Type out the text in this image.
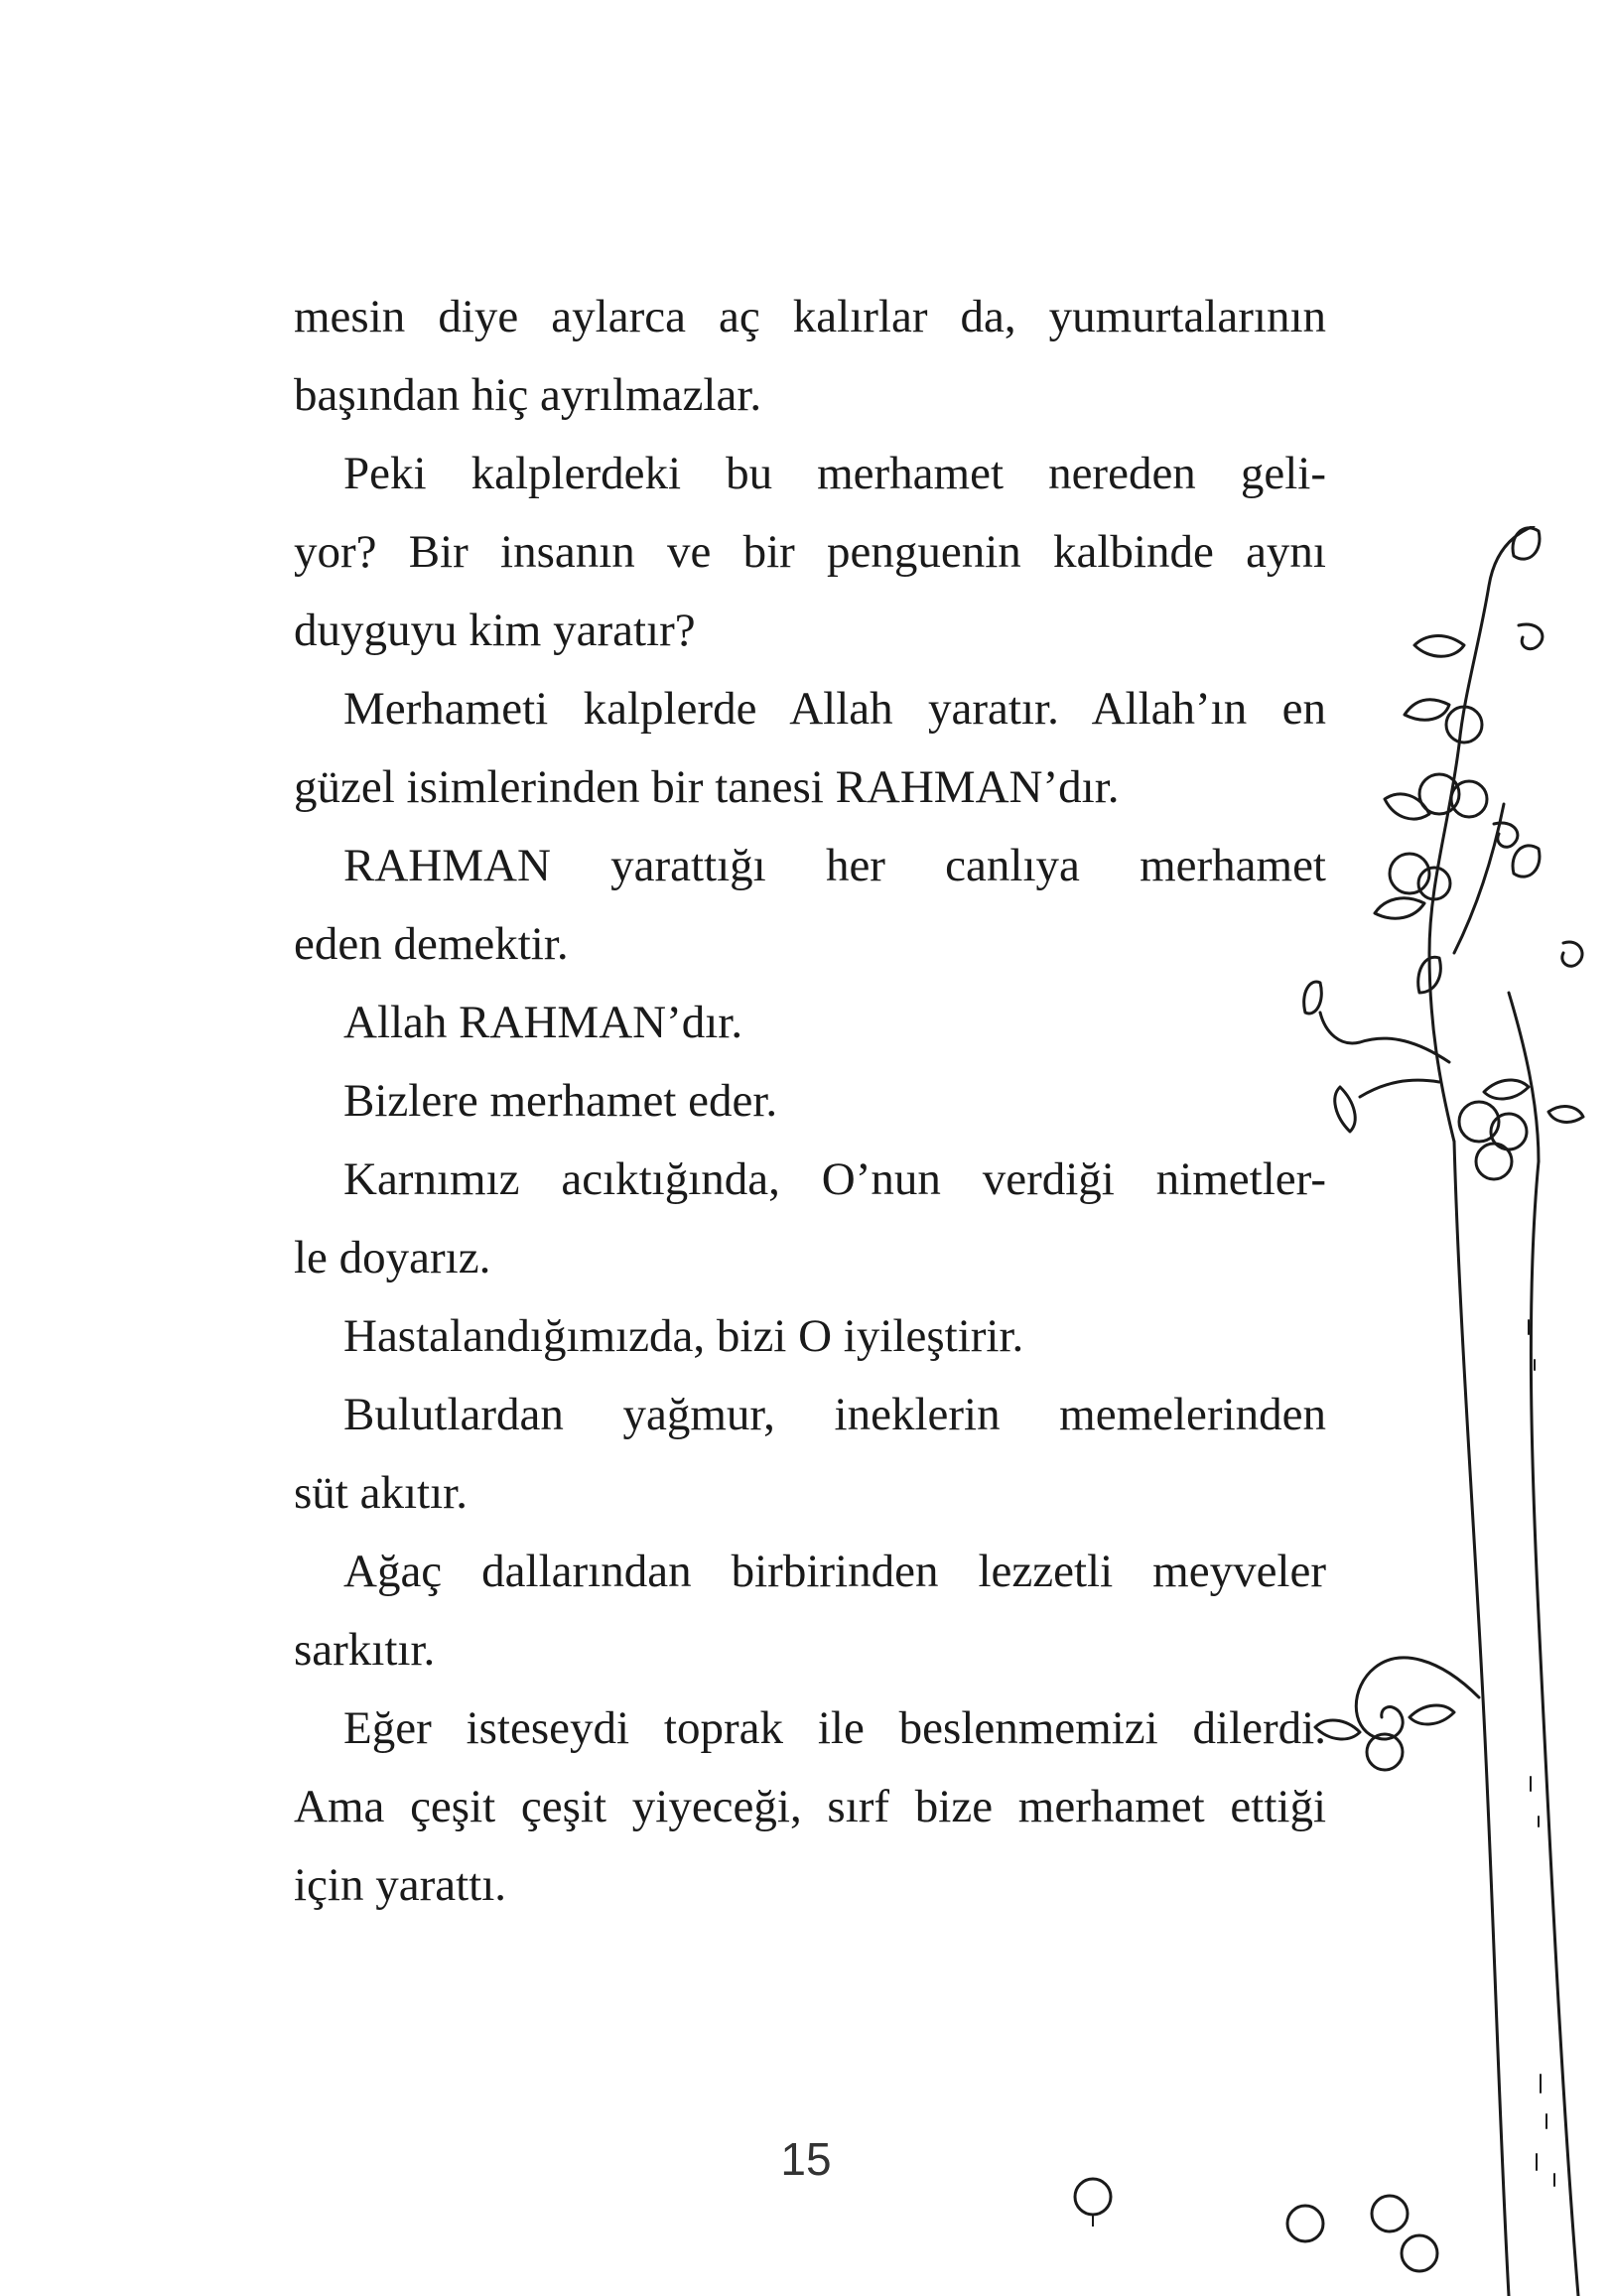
mesin diye aylarca aç kalırlar da, yumurtalarının
başından hiç ayrılmazlar.
Peki kalplerdeki bu merhamet nereden geli-
yor? Bir insanın ve bir penguenin kalbinde aynı
duyguyu kim yaratır?
Merhameti kalplerde Allah yaratır. Allah’ın en
güzel isimlerinden bir tanesi RAHMAN’dır.
RAHMAN yarattığı her canlıya merhamet
eden demektir.
Allah RAHMAN’dır.
Bizlere merhamet eder.
Karnımız acıktığında, O’nun verdiği nimetler-
le doyarız.
Hastalandığımızda, bizi O iyileştirir.
Bulutlardan yağmur, ineklerin memelerinden
süt akıtır.
Ağaç dallarından birbirinden lezzetli meyveler
sarkıtır.
Eğer isteseydi toprak ile beslenmemizi dilerdi.
Ama çeşit çeşit yiyeceği, sırf bize merhamet ettiği
için yarattı.
15
